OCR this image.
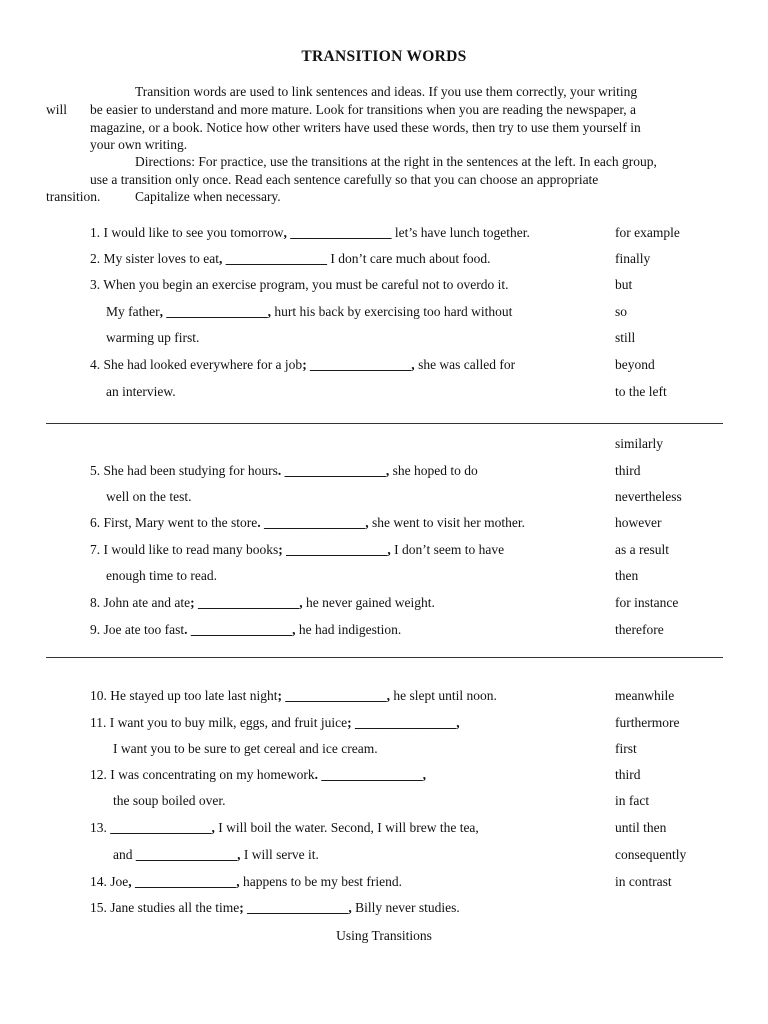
TRANSITION WORDS
Transition words are used to link sentences and ideas. If you use them correctly, your writing
will be easier to understand and more mature. Look for transitions when you are reading the newspaper, a
magazine, or a book. Notice how other writers have used these words, then try to use them yourself in
your own writing.
Directions: For practice, use the transitions at the right in the sentences at the left. In each group,
use a transition only once. Read each sentence carefully so that you can choose an appropriate
transition.	Capitalize when necessary.
1. I would like to see you tomorrow, _______________ let’s have lunch together.
2. My sister loves to eat, _______________ I don’t care much about food.
3. When you begin an exercise program, you must be careful not to overdo it.
My father, _______________, hurt his back by exercising too hard without
warming up first.
4. She had looked everywhere for a job; _______________, she was called for
an interview.
5. She had been studying for hours. _______________, she hoped to do
well on the test.
6. First, Mary went to the store. _______________, she went to visit her mother.
7. I would like to read many books; _______________, I don’t seem to have
enough time to read.
8. John ate and ate; _______________, he never gained weight.
9. Joe ate too fast. _______________, he had indigestion.
10. He stayed up too late last night; _______________, he slept until noon.
11. I want you to buy milk, eggs, and fruit juice; _______________,
I want you to be sure to get cereal and ice cream.
12. I was concentrating on my homework. _______________,
the soup boiled over.
13. _______________, I will boil the water. Second, I will brew the tea,
and _______________, I will serve it.
14. Joe, _______________, happens to be my best friend.
15. Jane studies all the time; _______________, Billy never studies.
for example
finally
but
so
still
beyond
to the left
similarly
third
nevertheless
however
as a result
then
for instance
therefore
meanwhile
furthermore
first
third
in fact
until then
consequently
in contrast
Using Transitions
